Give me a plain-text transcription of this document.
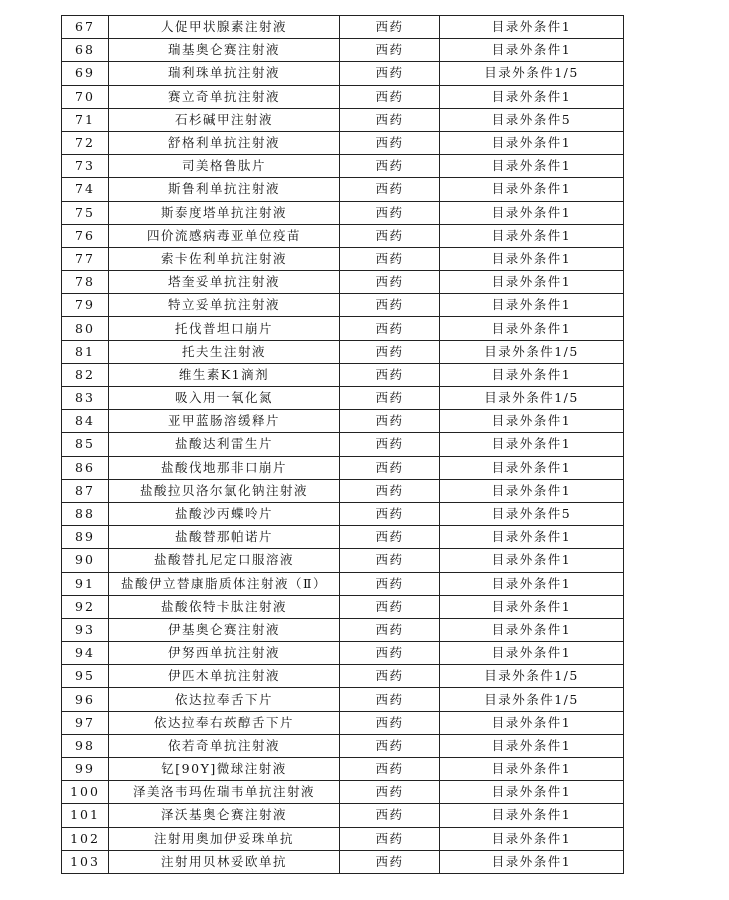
67	人促甲状腺素注射液	西药	目录外条件1
68	瑞基奥仑赛注射液	西药	目录外条件1
69	瑞利珠单抗注射液	西药	目录外条件1/5
70	赛立奇单抗注射液	西药	目录外条件1
71	石杉碱甲注射液	西药	目录外条件5
72	舒格利单抗注射液	西药	目录外条件1
73	司美格鲁肽片	西药	目录外条件1
74	斯鲁利单抗注射液	西药	目录外条件1
75	斯泰度塔单抗注射液	西药	目录外条件1
76	四价流感病毒亚单位疫苗	西药	目录外条件1
77	索卡佐利单抗注射液	西药	目录外条件1
78	塔奎妥单抗注射液	西药	目录外条件1
79	特立妥单抗注射液	西药	目录外条件1
80	托伐普坦口崩片	西药	目录外条件1
81	托夫生注射液	西药	目录外条件1/5
82	维生素K1滴剂	西药	目录外条件1
83	吸入用一氧化氮	西药	目录外条件1/5
84	亚甲蓝肠溶缓释片	西药	目录外条件1
85	盐酸达利雷生片	西药	目录外条件1
86	盐酸伐地那非口崩片	西药	目录外条件1
87	盐酸拉贝洛尔氯化钠注射液	西药	目录外条件1
88	盐酸沙丙蝶呤片	西药	目录外条件5
89	盐酸替那帕诺片	西药	目录外条件1
90	盐酸替扎尼定口服溶液	西药	目录外条件1
91	盐酸伊立替康脂质体注射液（Ⅱ）	西药	目录外条件1
92	盐酸依特卡肽注射液	西药	目录外条件1
93	伊基奥仑赛注射液	西药	目录外条件1
94	伊努西单抗注射液	西药	目录外条件1
95	伊匹木单抗注射液	西药	目录外条件1/5
96	依达拉奉舌下片	西药	目录外条件1/5
97	依达拉奉右莰醇舌下片	西药	目录外条件1
98	依若奇单抗注射液	西药	目录外条件1
99	钇[90Y]微球注射液	西药	目录外条件1
100	泽美洛韦玛佐瑞韦单抗注射液	西药	目录外条件1
101	泽沃基奥仑赛注射液	西药	目录外条件1
102	注射用奥加伊妥珠单抗	西药	目录外条件1
103	注射用贝林妥欧单抗	西药	目录外条件1
